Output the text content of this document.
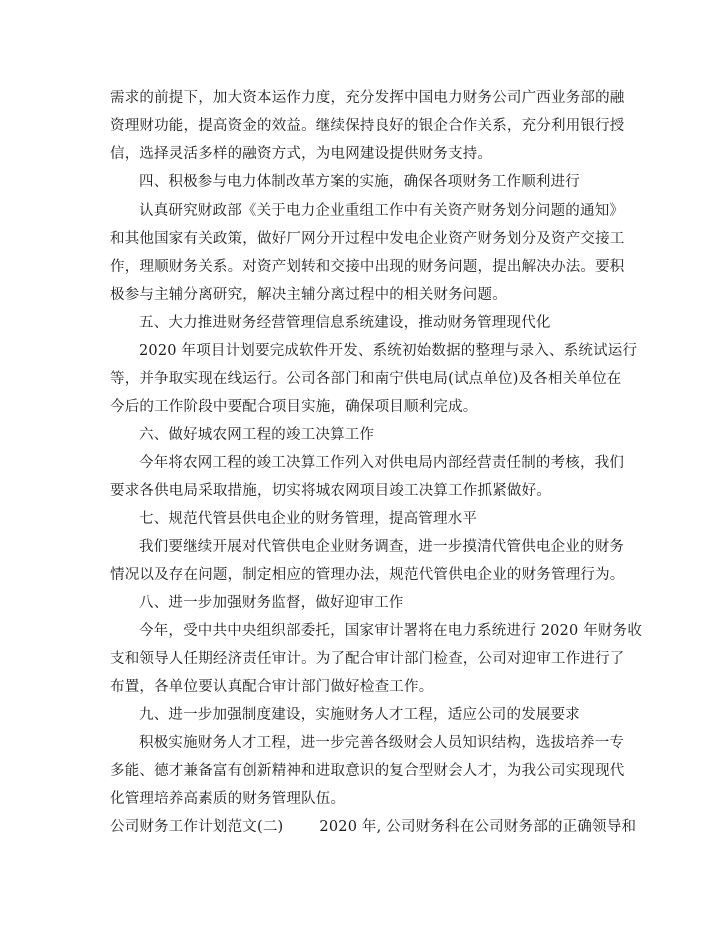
需求的前提下，加大资本运作力度，充分发挥中国电力财务公司广西业务部的融
资理财功能，提高资金的效益。继续保持良好的银企合作关系，充分利用银行授
信，选择灵活多样的融资方式，为电网建设提供财务支持。
四、积极参与电力体制改革方案的实施，确保各项财务工作顺利进行
认真研究财政部《关于电力企业重组工作中有关资产财务划分问题的通知》
和其他国家有关政策，做好厂网分开过程中发电企业资产财务划分及资产交接工
作，理顺财务关系。对资产划转和交接中出现的财务问题，提出解决办法。要积
极参与主辅分离研究，解决主辅分离过程中的相关财务问题。
五、大力推进财务经营管理信息系统建设，推动财务管理现代化
2020 年项目计划要完成软件开发、系统初始数据的整理与录入、系统试运行
等，并争取实现在线运行。公司各部门和南宁供电局(试点单位)及各相关单位在
今后的工作阶段中要配合项目实施，确保项目顺利完成。
六、做好城农网工程的竣工决算工作
今年将农网工程的竣工决算工作列入对供电局内部经营责任制的考核，我们
要求各供电局采取措施，切实将城农网项目竣工决算工作抓紧做好。
七、规范代管县供电企业的财务管理，提高管理水平
我们要继续开展对代管供电企业财务调查，进一步摸清代管供电企业的财务
情况以及存在问题，制定相应的管理办法，规范代管供电企业的财务管理行为。
八、进一步加强财务监督，做好迎审工作
今年，受中共中央组织部委托，国家审计署将在电力系统进行 2020 年财务收
支和领导人任期经济责任审计。为了配合审计部门检查，公司对迎审工作进行了
布置，各单位要认真配合审计部门做好检查工作。
九、进一步加强制度建设，实施财务人才工程，适应公司的发展要求
积极实施财务人才工程，进一步完善各级财会人员知识结构，选拔培养一专
多能、德才兼备富有创新精神和进取意识的复合型财会人才，为我公司实现现代
化管理培养高素质的财务管理队伍。
公司财务工作计划范文(二) 2020 年, 公司财务科在公司财务部的正确领导和
